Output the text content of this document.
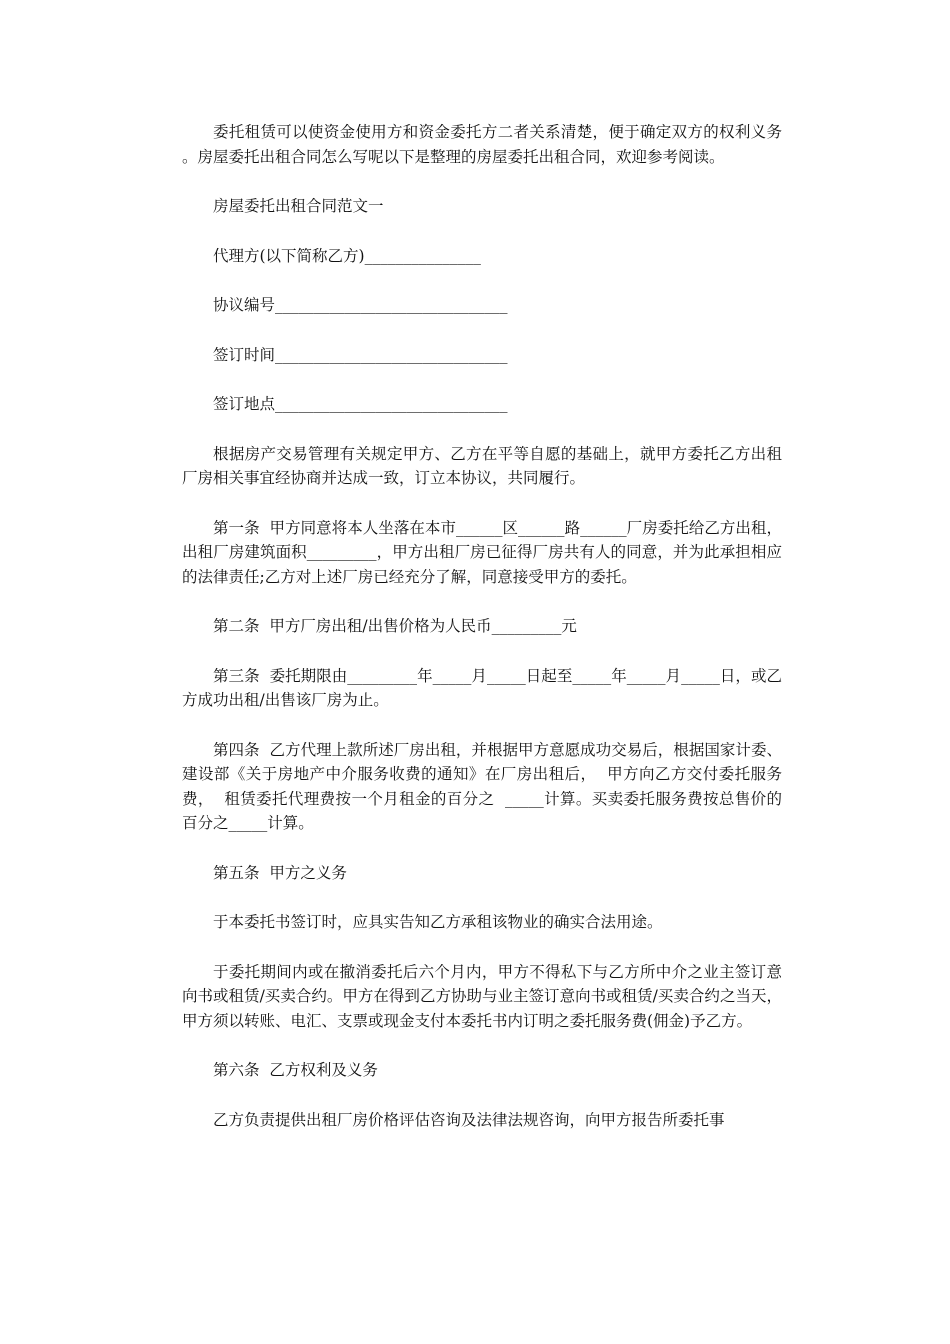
委托租赁可以使资金使用方和资金委托方二者关系清楚，便于确定双方的权利义务 。房屋委托出租合同怎么写呢以下是整理的房屋委托出租合同，欢迎参考阅读。

房屋委托出租合同范文一

代理方(以下简称乙方)_______________

协议编号______________________________

签订时间______________________________

签订地点______________________________

根据房产交易管理有关规定甲方、乙方在平等自愿的基础上，就甲方委托乙方出租厂房相关事宜经协商并达成一致，订立本协议，共同履行。

第一条  甲方同意将本人坐落在本市______区______路______厂房委托给乙方出租，  出租厂房建筑面积_________，甲方出租厂房已征得厂房共有人的同意，并为此承担相应的法律责任;乙方对上述厂房已经充分了解，同意接受甲方的委托。

第二条  甲方厂房出租/出售价格为人民币_________元

第三条  委托期限由_________年_____月_____日起至_____年_____月_____日，或乙方成功出租/出售该厂房为止。

第四条  乙方代理上款所述厂房出租，并根据甲方意愿成功交易后，根据国家计委、建设部《关于房地产中介服务收费的通知》在厂房出租后，  甲方向乙方交付委托服务费，  租赁委托代理费按一个月租金的百分之  _____计算。买卖委托服务费按总售价的百分之_____计算。

第五条  甲方之义务

于本委托书签订时，应具实告知乙方承租该物业的确实合法用途。

于委托期间内或在撤消委托后六个月内，甲方不得私下与乙方所中介之业主签订意向书或租赁/买卖合约。甲方在得到乙方协助与业主签订意向书或租赁/买卖合约之当天，甲方须以转账、电汇、支票或现金支付本委托书内订明之委托服务费(佣金)予乙方。

第六条  乙方权利及义务

乙方负责提供出租厂房价格评估咨询及法律法规咨询，向甲方报告所委托事
